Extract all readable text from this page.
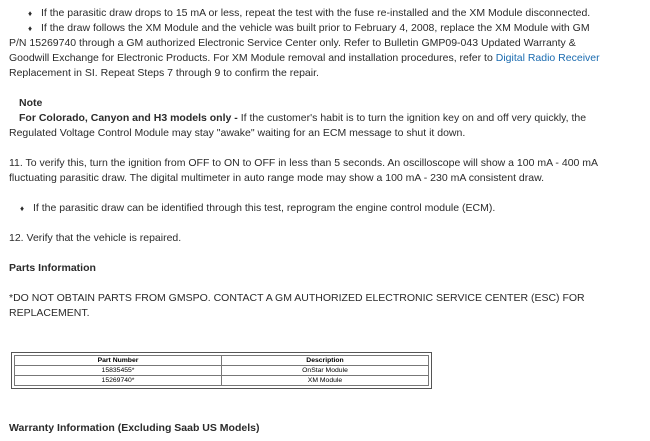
♦ If the parasitic draw drops to 15 mA or less, repeat the test with the fuse re-installed and the XM Module disconnected.
♦ If the draw follows the XM Module and the vehicle was built prior to February 4, 2008, replace the XM Module with GM
P/N 15269740 through a GM authorized Electronic Service Center only. Refer to Bulletin GMP09-043 Updated Warranty &
Goodwill Exchange for Electronic Products. For XM Module removal and installation procedures, refer to Digital Radio Receiver
Replacement in SI. Repeat Steps 7 through 9 to confirm the repair.
Note
For Colorado, Canyon and H3 models only - If the customer's habit is to turn the ignition key on and off very quickly, the
Regulated Voltage Control Module may stay "awake" waiting for an ECM message to shut it down.
11. To verify this, turn the ignition from OFF to ON to OFF in less than 5 seconds. An oscilloscope will show a 100 mA - 400 mA
fluctuating parasitic draw. The digital multimeter in auto range mode may show a 100 mA - 230 mA consistent draw.
♦ If the parasitic draw can be identified through this test, reprogram the engine control module (ECM).
12. Verify that the vehicle is repaired.
Parts Information
*DO NOT OBTAIN PARTS FROM GMSPO. CONTACT A GM AUTHORIZED ELECTRONIC SERVICE CENTER (ESC) FOR
REPLACEMENT.
Part Number	Description
15835455*	OnStar Module
15269740*	XM Module
Warranty Information (Excluding Saab US Models)
